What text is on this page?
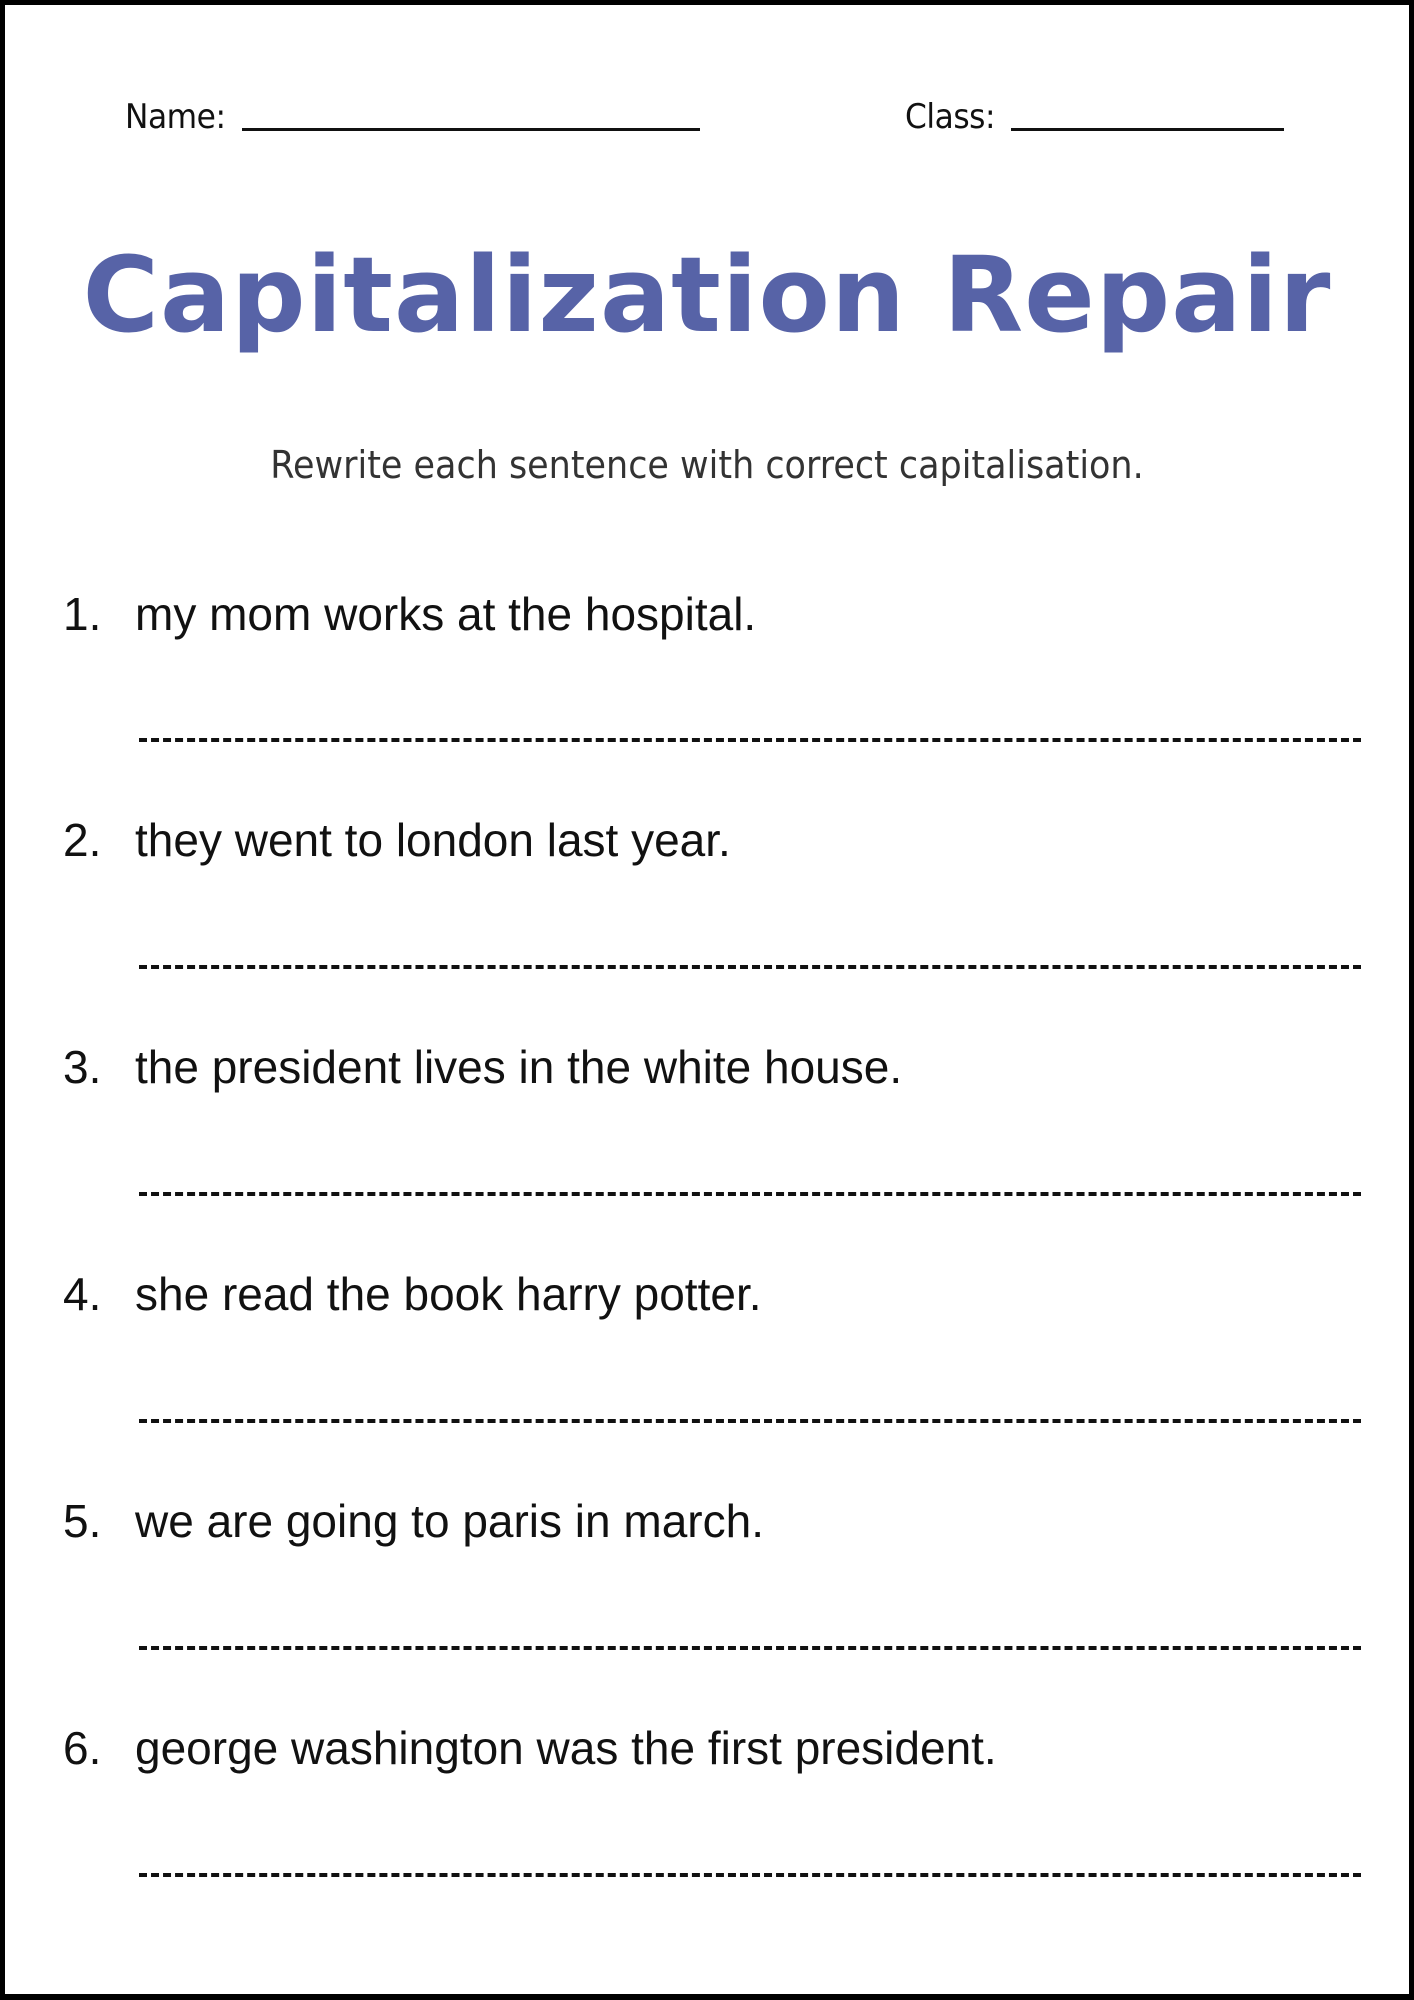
Name:	Class:
Capitalization Repair
Rewrite each sentence with correct capitalisation.
1. my mom works at the hospital.
2. they went to london last year.
3. the president lives in the white house.
4. she read the book harry potter.
5. we are going to paris in march.
6. george washington was the first president.
